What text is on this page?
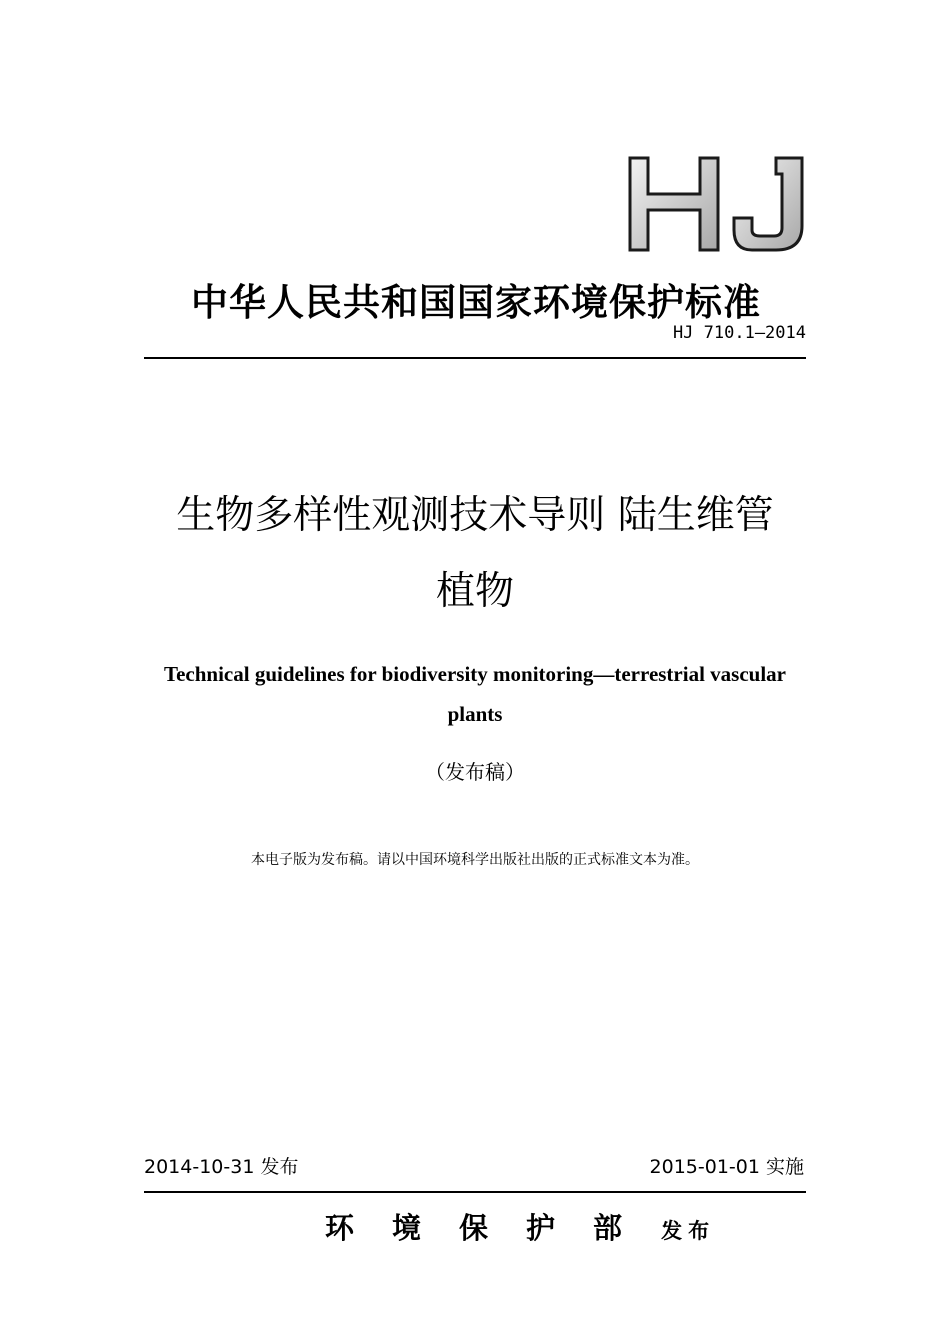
中华人民共和国国家环境保护标准
HJ 710.1—2014
生物多样性观测技术导则 陆生维管
植物
Technical guidelines for biodiversity monitoring—terrestrial vascular
plants
（发布稿）
本电子版为发布稿。请以中国环境科学出版社出版的正式标准文本为准。
2014-10-31 发布	2015-01-01 实施
环境保护部 发布
